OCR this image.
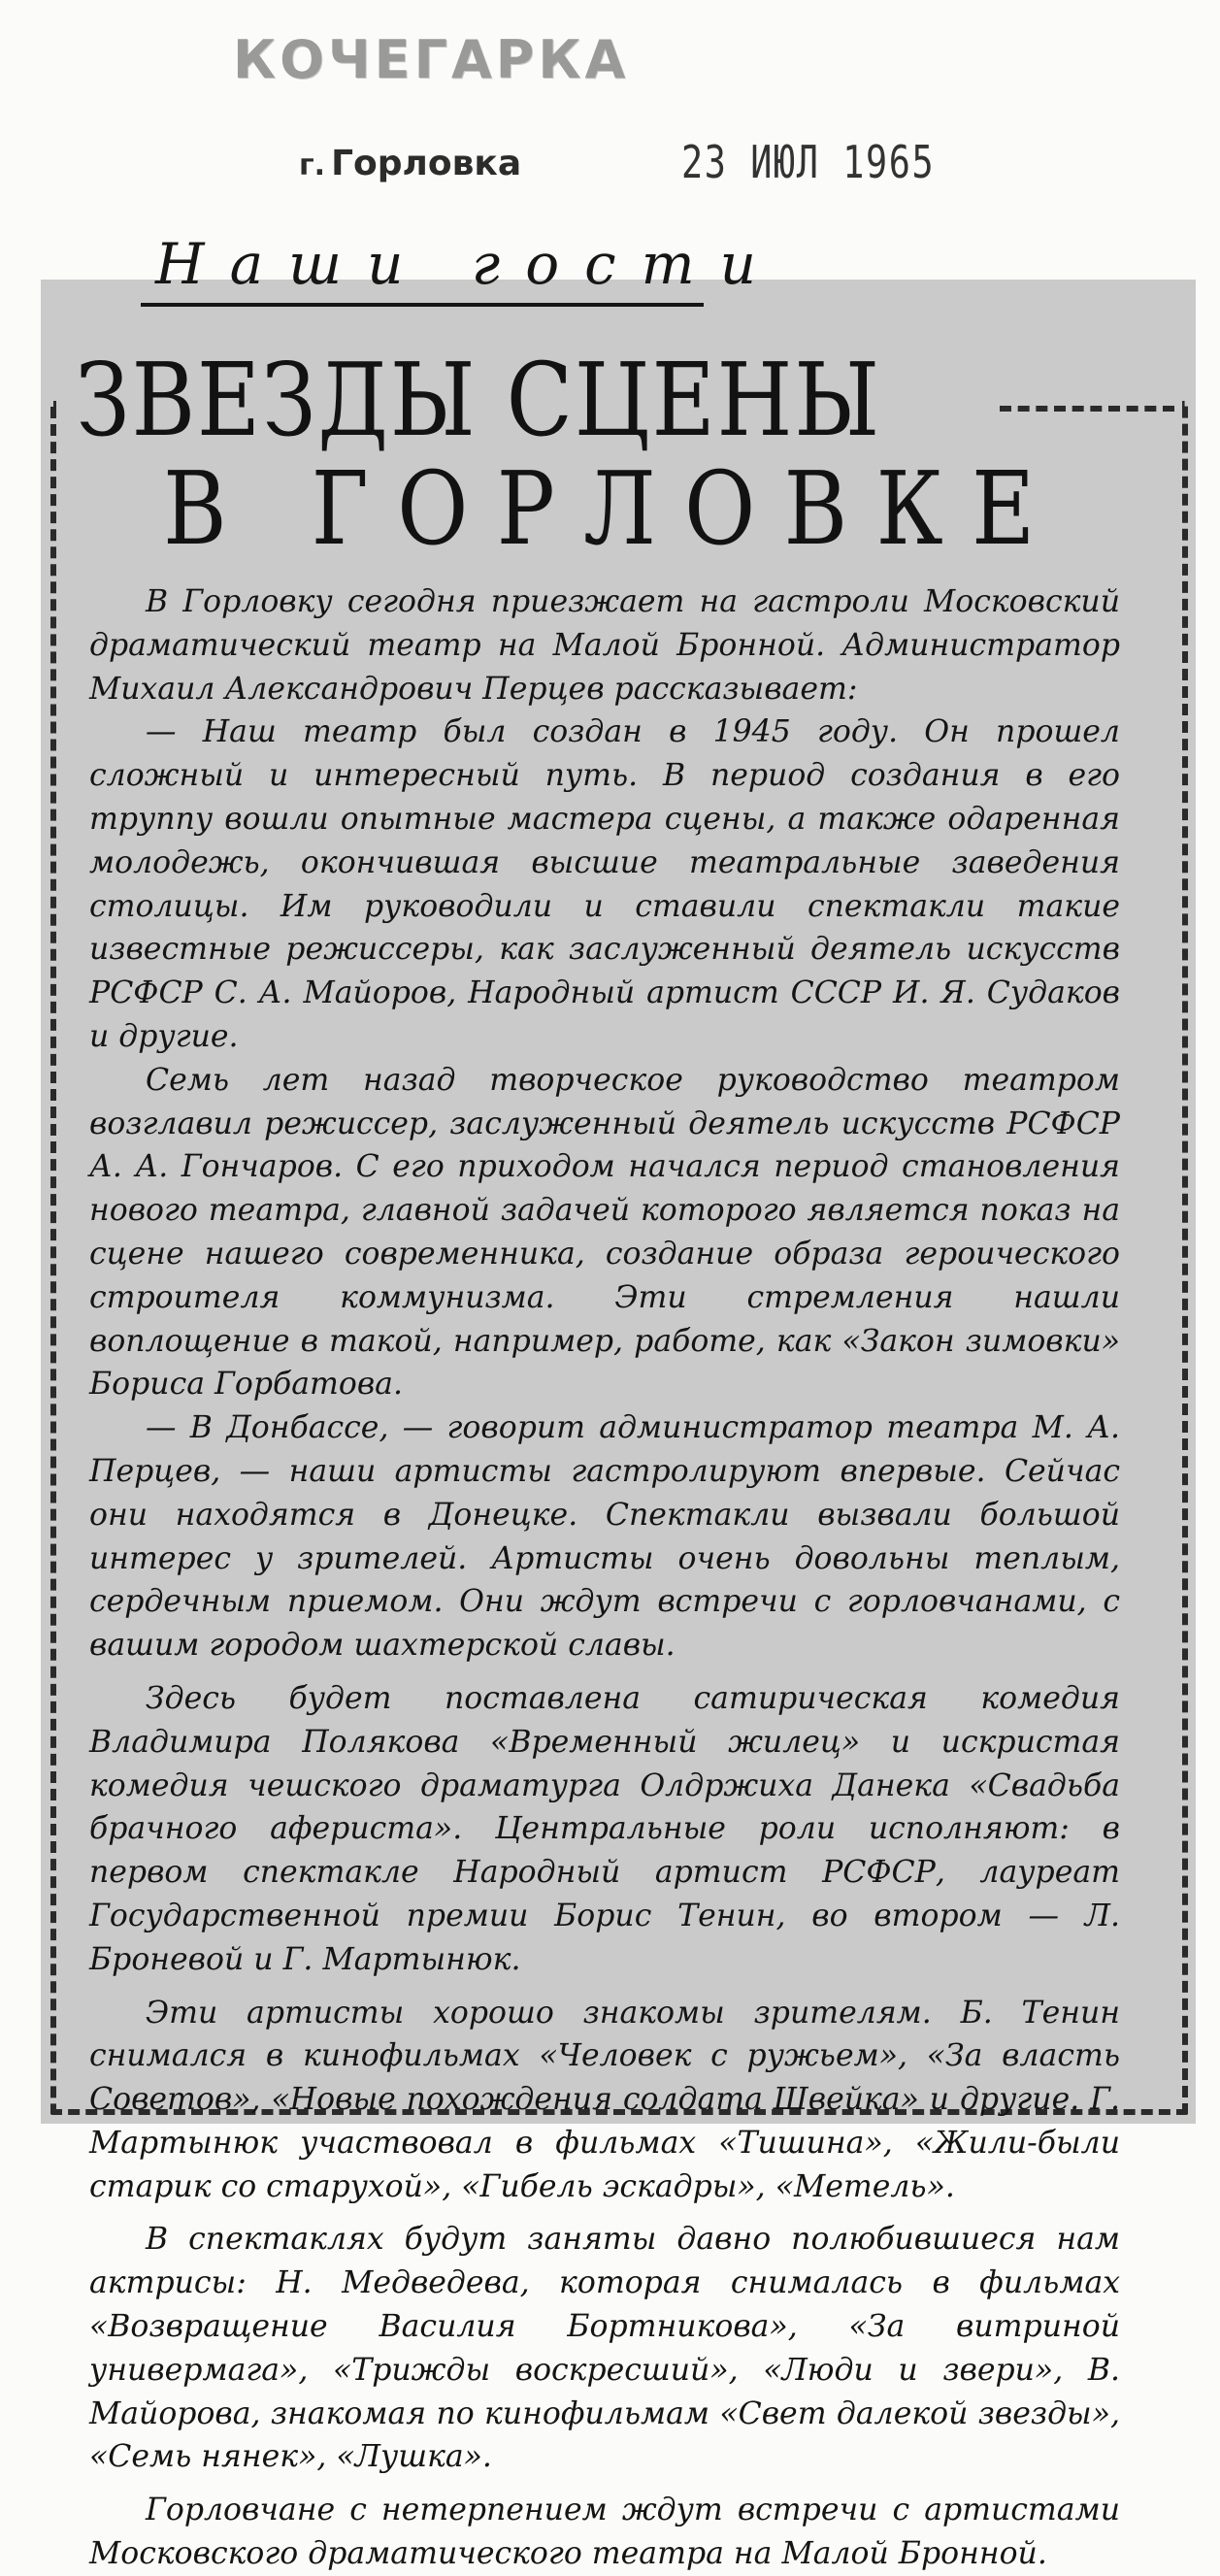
КОЧЕГАРКА
г. Горловка	23 ИЮЛ 1965
Наши гости
ЗВЕЗДЫ СЦЕНЫ
В ГОРЛОВКЕ

В Горловку сегодня приезжает на гастроли Московский драматический театр на Малой Бронной. Администратор Михаил Александрович Перцев рассказывает:

— Наш театр был создан в 1945 году. Он прошел сложный и интересный путь. В период создания в его труппу вошли опытные мастера сцены, а также одаренная молодежь, окончившая высшие театральные заведения столицы. Им руководили и ставили спектакли такие известные режиссеры, как заслуженный деятель искусств РСФСР С. А. Майоров, Народный артист СССР И. Я. Судаков и другие.

Семь лет назад творческое руководство театром возглавил режиссер, заслуженный деятель искусств РСФСР А. А. Гончаров. С его приходом начался период становления нового театра, главной задачей которого является показ на сцене нашего современника, создание образа героического строителя коммунизма. Эти стремления нашли воплощение в такой, например, работе, как «Закон зимовки» Бориса Горбатова.

— В Донбассе, — говорит администратор театра М. А. Перцев, — наши артисты гастролируют впервые. Сейчас они находятся в Донецке. Спектакли вызвали большой интерес у зрителей. Артисты очень довольны теплым, сердечным приемом. Они ждут встречи с горловчанами, с вашим городом шахтерской славы.

Здесь будет поставлена сатирическая комедия Владимира Полякова «Временный жилец» и искристая комедия чешского драматурга Олдржиха Данека «Свадьба брачного афериста». Центральные роли исполняют: в первом спектакле Народный артист РСФСР, лауреат Государственной премии Борис Тенин, во втором — Л. Броневой и Г. Мартынюк.

Эти артисты хорошо знакомы зрителям. Б. Тенин снимался в кинофильмах «Человек с ружьем», «За власть Советов», «Новые похождения солдата Швейка» и другие. Г. Мартынюк участвовал в фильмах «Тишина», «Жили-были старик со старухой», «Гибель эскадры», «Метель».

В спектаклях будут заняты давно полюбившиеся нам актрисы: Н. Медведева, которая снималась в фильмах «Возвращение Василия Бортникова», «За витриной универмага», «Трижды воскресший», «Люди и звери», В. Майорова, знакомая по кинофильмам «Свет далекой звезды», «Семь нянек», «Лушка».

Горловчане с нетерпением ждут встречи с артистами Московского драматического театра на Малой Бронной.
